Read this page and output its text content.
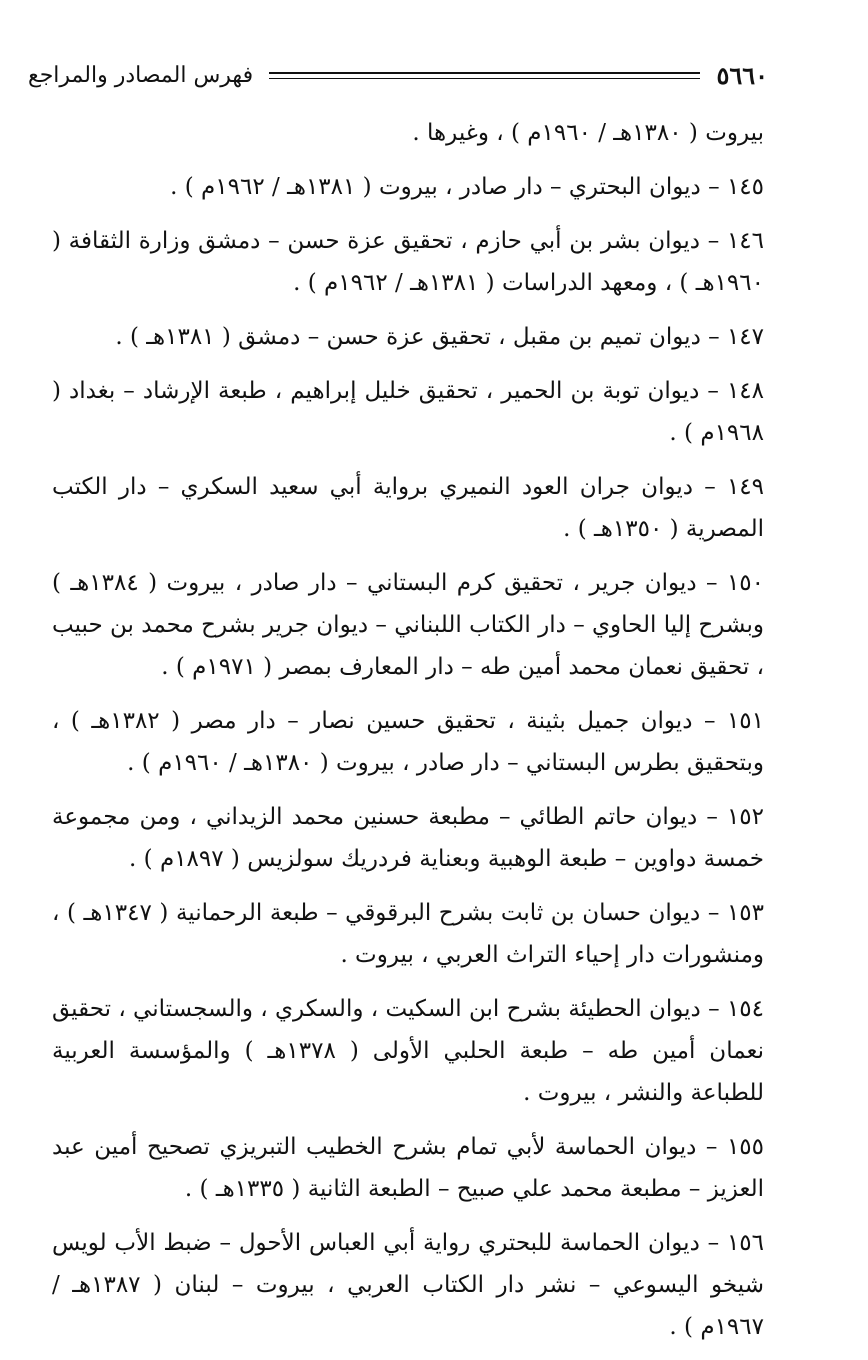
٥٦٦٠
فهرس المصادر والمراجع

بيروت ( ١٣٨٠هـ / ١٩٦٠م ) ، وغيرها .

١٤٥ – ديوان البحتري – دار صادر ، بيروت ( ١٣٨١هـ / ١٩٦٢م ) .

١٤٦ – ديوان بشر بن أبي حازم ، تحقيق عزة حسن – دمشق وزارة الثقافة ( ١٩٦٠هـ ) ، ومعهد الدراسات ( ١٣٨١هـ / ١٩٦٢م ) .

١٤٧ – ديوان تميم بن مقبل ، تحقيق عزة حسن – دمشق ( ١٣٨١هـ ) .

١٤٨ – ديوان توبة بن الحمير ، تحقيق خليل إبراهيم ، طبعة الإرشاد – بغداد ( ١٩٦٨م ) .

١٤٩ – ديوان جران العود النميري برواية أبي سعيد السكري – دار الكتب المصرية ( ١٣٥٠هـ ) .

١٥٠ – ديوان جرير ، تحقيق كرم البستاني – دار صادر ، بيروت ( ١٣٨٤هـ ) وبشرح إليا الحاوي – دار الكتاب اللبناني – ديوان جرير بشرح محمد بن حبيب ، تحقيق نعمان محمد أمين طه – دار المعارف بمصر ( ١٩٧١م ) .

١٥١ – ديوان جميل بثينة ، تحقيق حسين نصار – دار مصر ( ١٣٨٢هـ ) ، وبتحقيق بطرس البستاني – دار صادر ، بيروت ( ١٣٨٠هـ / ١٩٦٠م ) .

١٥٢ – ديوان حاتم الطائي – مطبعة حسنين محمد الزيداني ، ومن مجموعة خمسة دواوين – طبعة الوهبية وبعناية فردريك سولزيس ( ١٨٩٧م ) .

١٥٣ – ديوان حسان بن ثابت بشرح البرقوقي – طبعة الرحمانية ( ١٣٤٧هـ ) ، ومنشورات دار إحياء التراث العربي ، بيروت .

١٥٤ – ديوان الحطيئة بشرح ابن السكيت ، والسكري ، والسجستاني ، تحقيق نعمان أمين طه – طبعة الحلبي الأولى ( ١٣٧٨هـ ) والمؤسسة العربية للطباعة والنشر ، بيروت .

١٥٥ – ديوان الحماسة لأبي تمام بشرح الخطيب التبريزي تصحيح أمين عبد العزيز – مطبعة محمد علي صبيح – الطبعة الثانية ( ١٣٣٥هـ ) .

١٥٦ – ديوان الحماسة للبحتري رواية أبي العباس الأحول – ضبط الأب لويس شيخو اليسوعي – نشر دار الكتاب العربي ، بيروت – لبنان ( ١٣٨٧هـ / ١٩٦٧م ) .
